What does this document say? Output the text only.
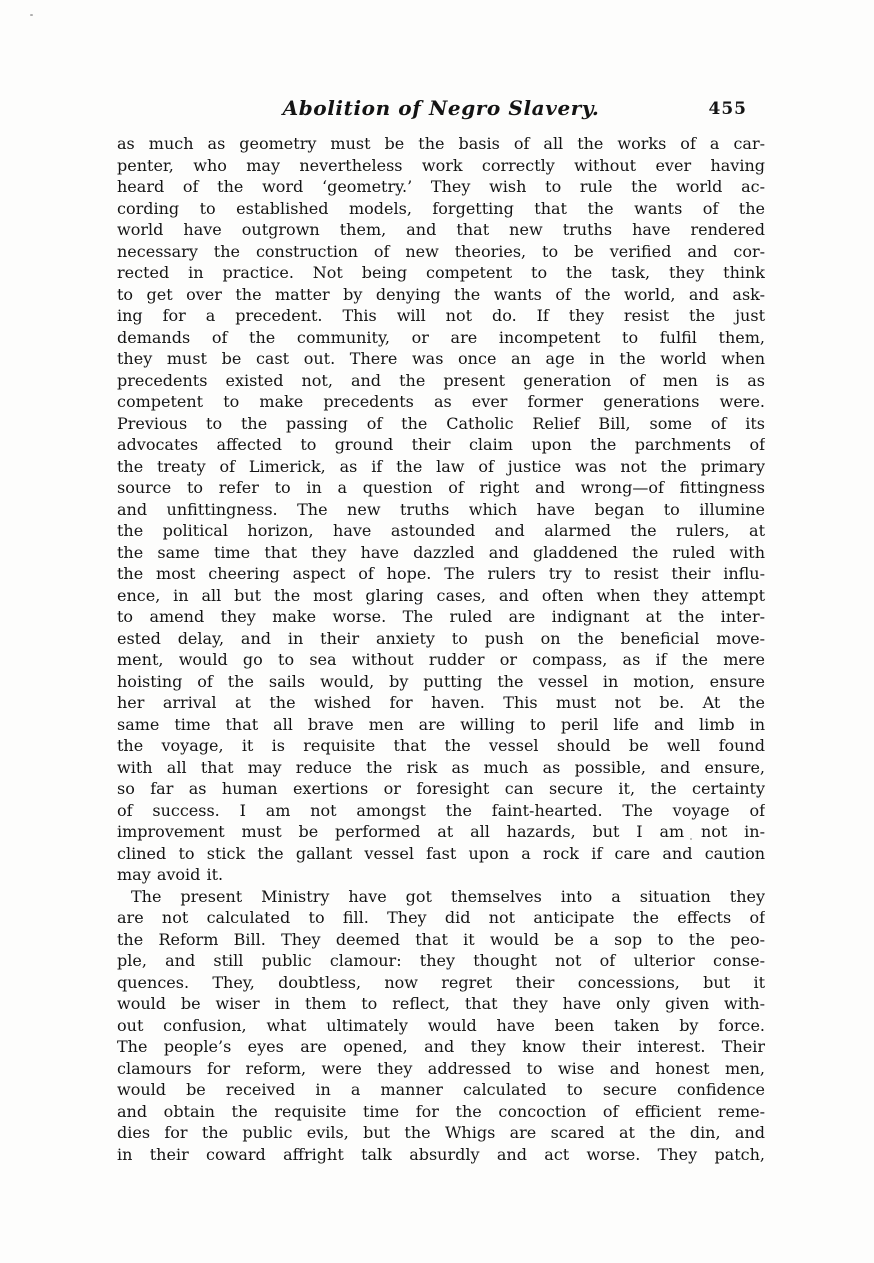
Abolition of Negro Slavery.	455
as much as geometry must be the basis of all the works of a car-
penter, who may nevertheless work correctly without ever having
heard of the word ‘geometry.’ They wish to rule the world ac-
cording to established models, forgetting that the wants of the
world have outgrown them, and that new truths have rendered
necessary the construction of new theories, to be verified and cor-
rected in practice. Not being competent to the task, they think
to get over the matter by denying the wants of the world, and ask-
ing for a precedent. This will not do. If they resist the just
demands of the community, or are incompetent to fulfil them,
they must be cast out. There was once an age in the world when
precedents existed not, and the present generation of men is as
competent to make precedents as ever former generations were.
Previous to the passing of the Catholic Relief Bill, some of its
advocates affected to ground their claim upon the parchments of
the treaty of Limerick, as if the law of justice was not the primary
source to refer to in a question of right and wrong—of fittingness
and unfittingness. The new truths which have began to illumine
the political horizon, have astounded and alarmed the rulers, at
the same time that they have dazzled and gladdened the ruled with
the most cheering aspect of hope. The rulers try to resist their influ-
ence, in all but the most glaring cases, and often when they attempt
to amend they make worse. The ruled are indignant at the inter-
ested delay, and in their anxiety to push on the beneficial move-
ment, would go to sea without rudder or compass, as if the mere
hoisting of the sails would, by putting the vessel in motion, ensure
her arrival at the wished for haven. This must not be. At the
same time that all brave men are willing to peril life and limb in
the voyage, it is requisite that the vessel should be well found
with all that may reduce the risk as much as possible, and ensure,
so far as human exertions or foresight can secure it, the certainty
of success. I am not amongst the faint-hearted. The voyage of
improvement must be performed at all hazards, but I am not in-
clined to stick the gallant vessel fast upon a rock if care and caution
may avoid it.
The present Ministry have got themselves into a situation they
are not calculated to fill. They did not anticipate the effects of
the Reform Bill. They deemed that it would be a sop to the peo-
ple, and still public clamour: they thought not of ulterior conse-
quences. They, doubtless, now regret their concessions, but it
would be wiser in them to reflect, that they have only given with-
out confusion, what ultimately would have been taken by force.
The people’s eyes are opened, and they know their interest. Their
clamours for reform, were they addressed to wise and honest men,
would be received in a manner calculated to secure confidence
and obtain the requisite time for the concoction of efficient reme-
dies for the public evils, but the Whigs are scared at the din, and
in their coward affright talk absurdly and act worse. They patch,
